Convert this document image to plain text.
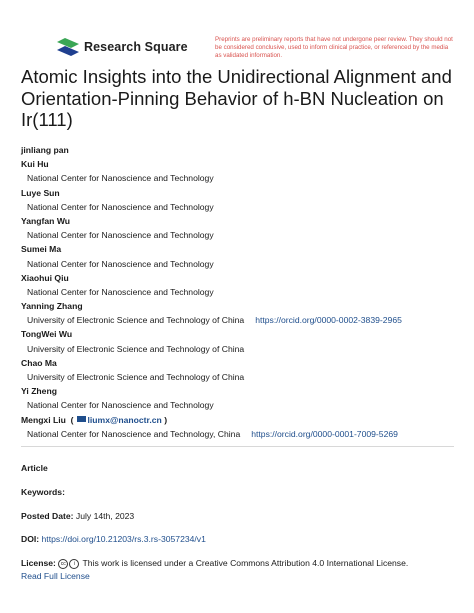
Research Square
Preprints are preliminary reports that have not undergone peer review. They should not be considered conclusive, used to inform clinical practice, or referenced by the media as validated information.
Atomic Insights into the Unidirectional Alignment and Orientation-Pinning Behavior of h-BN Nucleation on Ir(111)
jinliang pan
Kui Hu
National Center for Nanoscience and Technology
Luye Sun
National Center for Nanoscience and Technology
Yangfan Wu
National Center for Nanoscience and Technology
Sumei Ma
National Center for Nanoscience and Technology
Xiaohui Qiu
National Center for Nanoscience and Technology
Yanning Zhang
University of Electronic Science and Technology of China https://orcid.org/0000-0002-3839-2965
TongWei Wu
University of Electronic Science and Technology of China
Chao Ma
University of Electronic Science and Technology of China
Yi Zheng
National Center for Nanoscience and Technology
Mengxi Liu  ( liumx@nanoctr.cn )
National Center for Nanoscience and Technology, China https://orcid.org/0000-0001-7009-5269
Article
Keywords:
Posted Date: July 14th, 2023
DOI: https://doi.org/10.21203/rs.3.rs-3057234/v1
License: cc i This work is licensed under a Creative Commons Attribution 4.0 International License.
Read Full License
